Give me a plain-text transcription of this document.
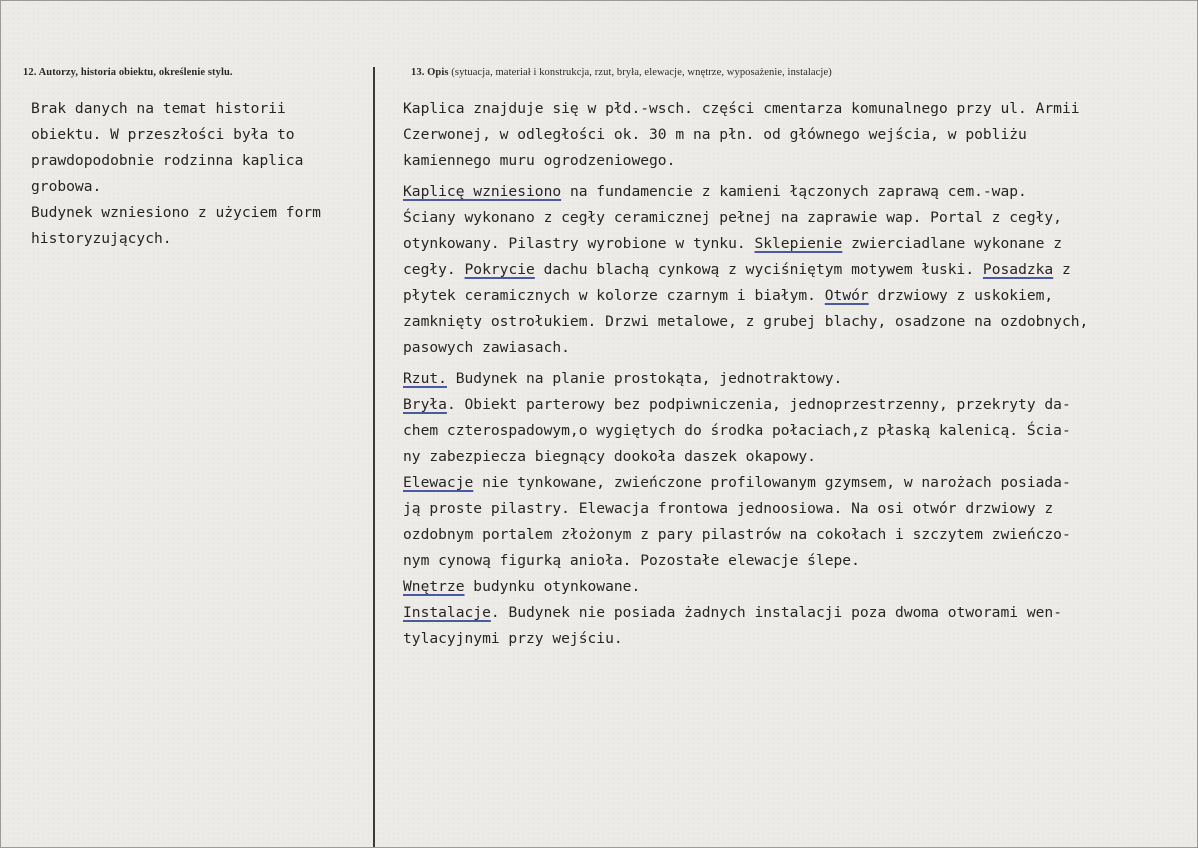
12. Autorzy, historia obiektu, określenie stylu.	13. Opis (sytuacja, materiał i konstrukcja, rzut, bryła, elewacje, wnętrze, wyposażenie, instalacje)
Brak danych na temat historii
obiektu. W przeszłości była to
prawdopodobnie rodzinna kaplica
grobowa.
Budynek wzniesiono z użyciem form
historyzujących.
Kaplica znajduje się w płd.-wsch. części cmentarza komunalnego przy ul. Armii
Czerwonej, w odległości ok. 30 m na płn. od głównego wejścia, w pobliżu
kamiennego muru ogrodzeniowego.
Kaplicę wzniesiono na fundamencie z kamieni łączonych zaprawą cem.-wap.
Ściany wykonano z cegły ceramicznej pełnej na zaprawie wap. Portal z cegły,
otynkowany. Pilastry wyrobione w tynku. Sklepienie zwierciadlane wykonane z
cegły. Pokrycie dachu blachą cynkową z wyciśniętym motywem łuski. Posadzka z
płytek ceramicznych w kolorze czarnym i białym. Otwór drzwiowy z uskokiem,
zamknięty ostrołukiem. Drzwi metalowe, z grubej blachy, osadzone na ozdobnych,
pasowych zawiasach.
Rzut. Budynek na planie prostokąta, jednotraktowy.
Bryła. Obiekt parterowy bez podpiwniczenia, jednoprzestrzenny, przekryty da-
chem czterospadowym,o wygiętych do środka połaciach,z płaską kalenicą. Ścia-
ny zabezpiecza biegnący dookoła daszek okapowy.
Elewacje nie tynkowane, zwieńczone profilowanym gzymsem, w narożach posiada-
ją proste pilastry. Elewacja frontowa jednoosiowa. Na osi otwór drzwiowy z
ozdobnym portalem złożonym z pary pilastrów na cokołach i szczytem zwieńczo-
nym cynową figurką anioła. Pozostałe elewacje ślepe.
Wnętrze budynku otynkowane.
Instalacje. Budynek nie posiada żadnych instalacji poza dwoma otworami wen-
tylacyjnymi przy wejściu.
